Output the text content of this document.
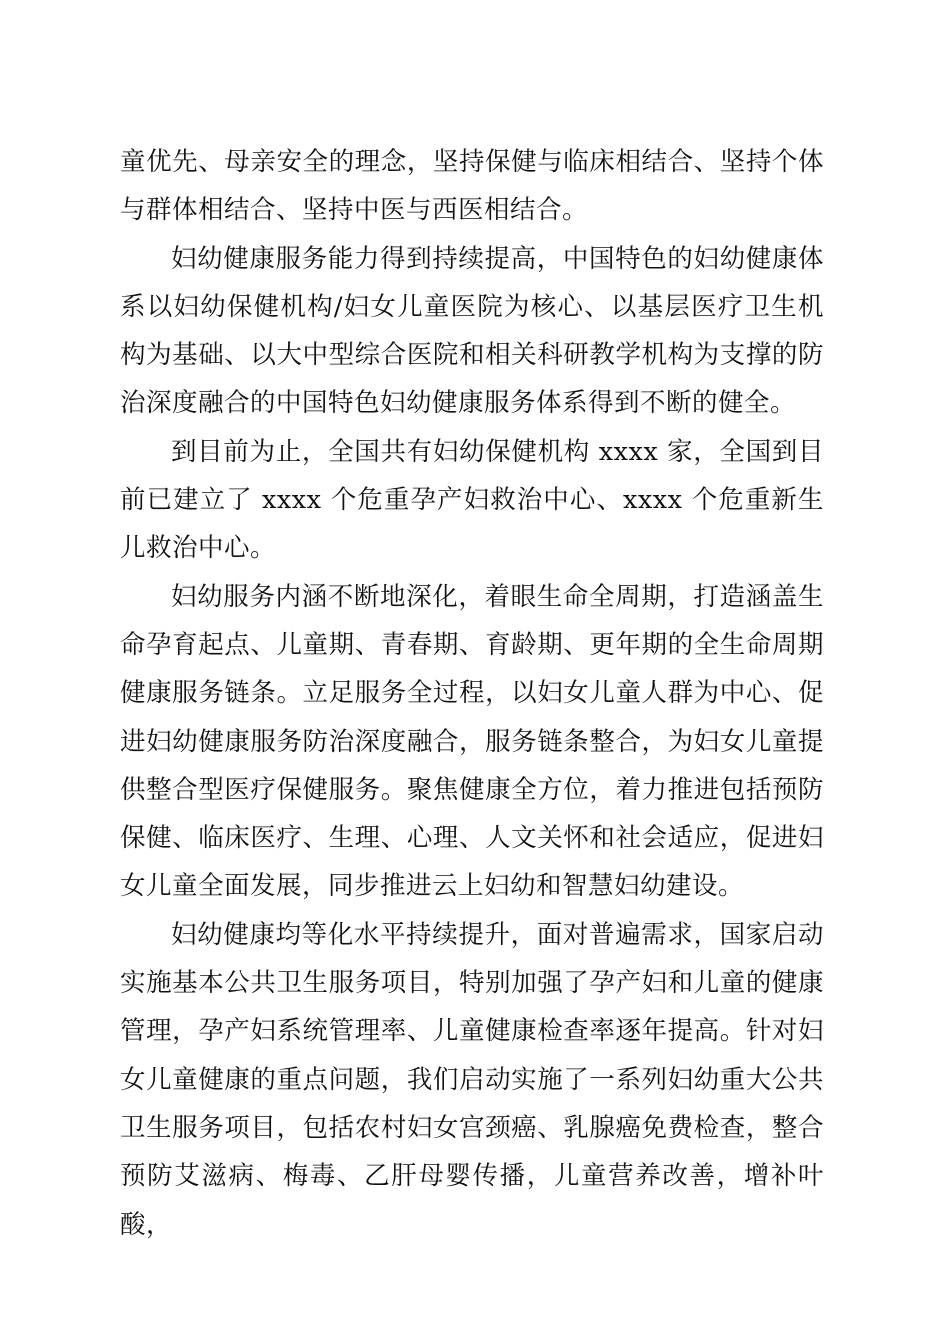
童优先、母亲安全的理念，坚持保健与临床相结合、坚持个体与群体相结合、坚持中医与西医相结合。

妇幼健康服务能力得到持续提高，中国特色的妇幼健康体系以妇幼保健机构/妇女儿童医院为核心、以基层医疗卫生机构为基础、以大中型综合医院和相关科研教学机构为支撑的防治深度融合的中国特色妇幼健康服务体系得到不断的健全。

到目前为止，全国共有妇幼保健机构 xxxx 家，全国到目前已建立了 xxxx 个危重孕产妇救治中心、xxxx 个危重新生儿救治中心。

妇幼服务内涵不断地深化，着眼生命全周期，打造涵盖生命孕育起点、儿童期、青春期、育龄期、更年期的全生命周期健康服务链条。立足服务全过程，以妇女儿童人群为中心、促进妇幼健康服务防治深度融合，服务链条整合，为妇女儿童提供整合型医疗保健服务。聚焦健康全方位，着力推进包括预防保健、临床医疗、生理、心理、人文关怀和社会适应，促进妇女儿童全面发展，同步推进云上妇幼和智慧妇幼建设。

妇幼健康均等化水平持续提升，面对普遍需求，国家启动实施基本公共卫生服务项目，特别加强了孕产妇和儿童的健康管理，孕产妇系统管理率、儿童健康检查率逐年提高。针对妇女儿童健康的重点问题，我们启动实施了一系列妇幼重大公共卫生服务项目，包括农村妇女宫颈癌、乳腺癌免费检查，整合预防艾滋病、梅毒、乙肝母婴传播，儿童营养改善，增补叶酸，
